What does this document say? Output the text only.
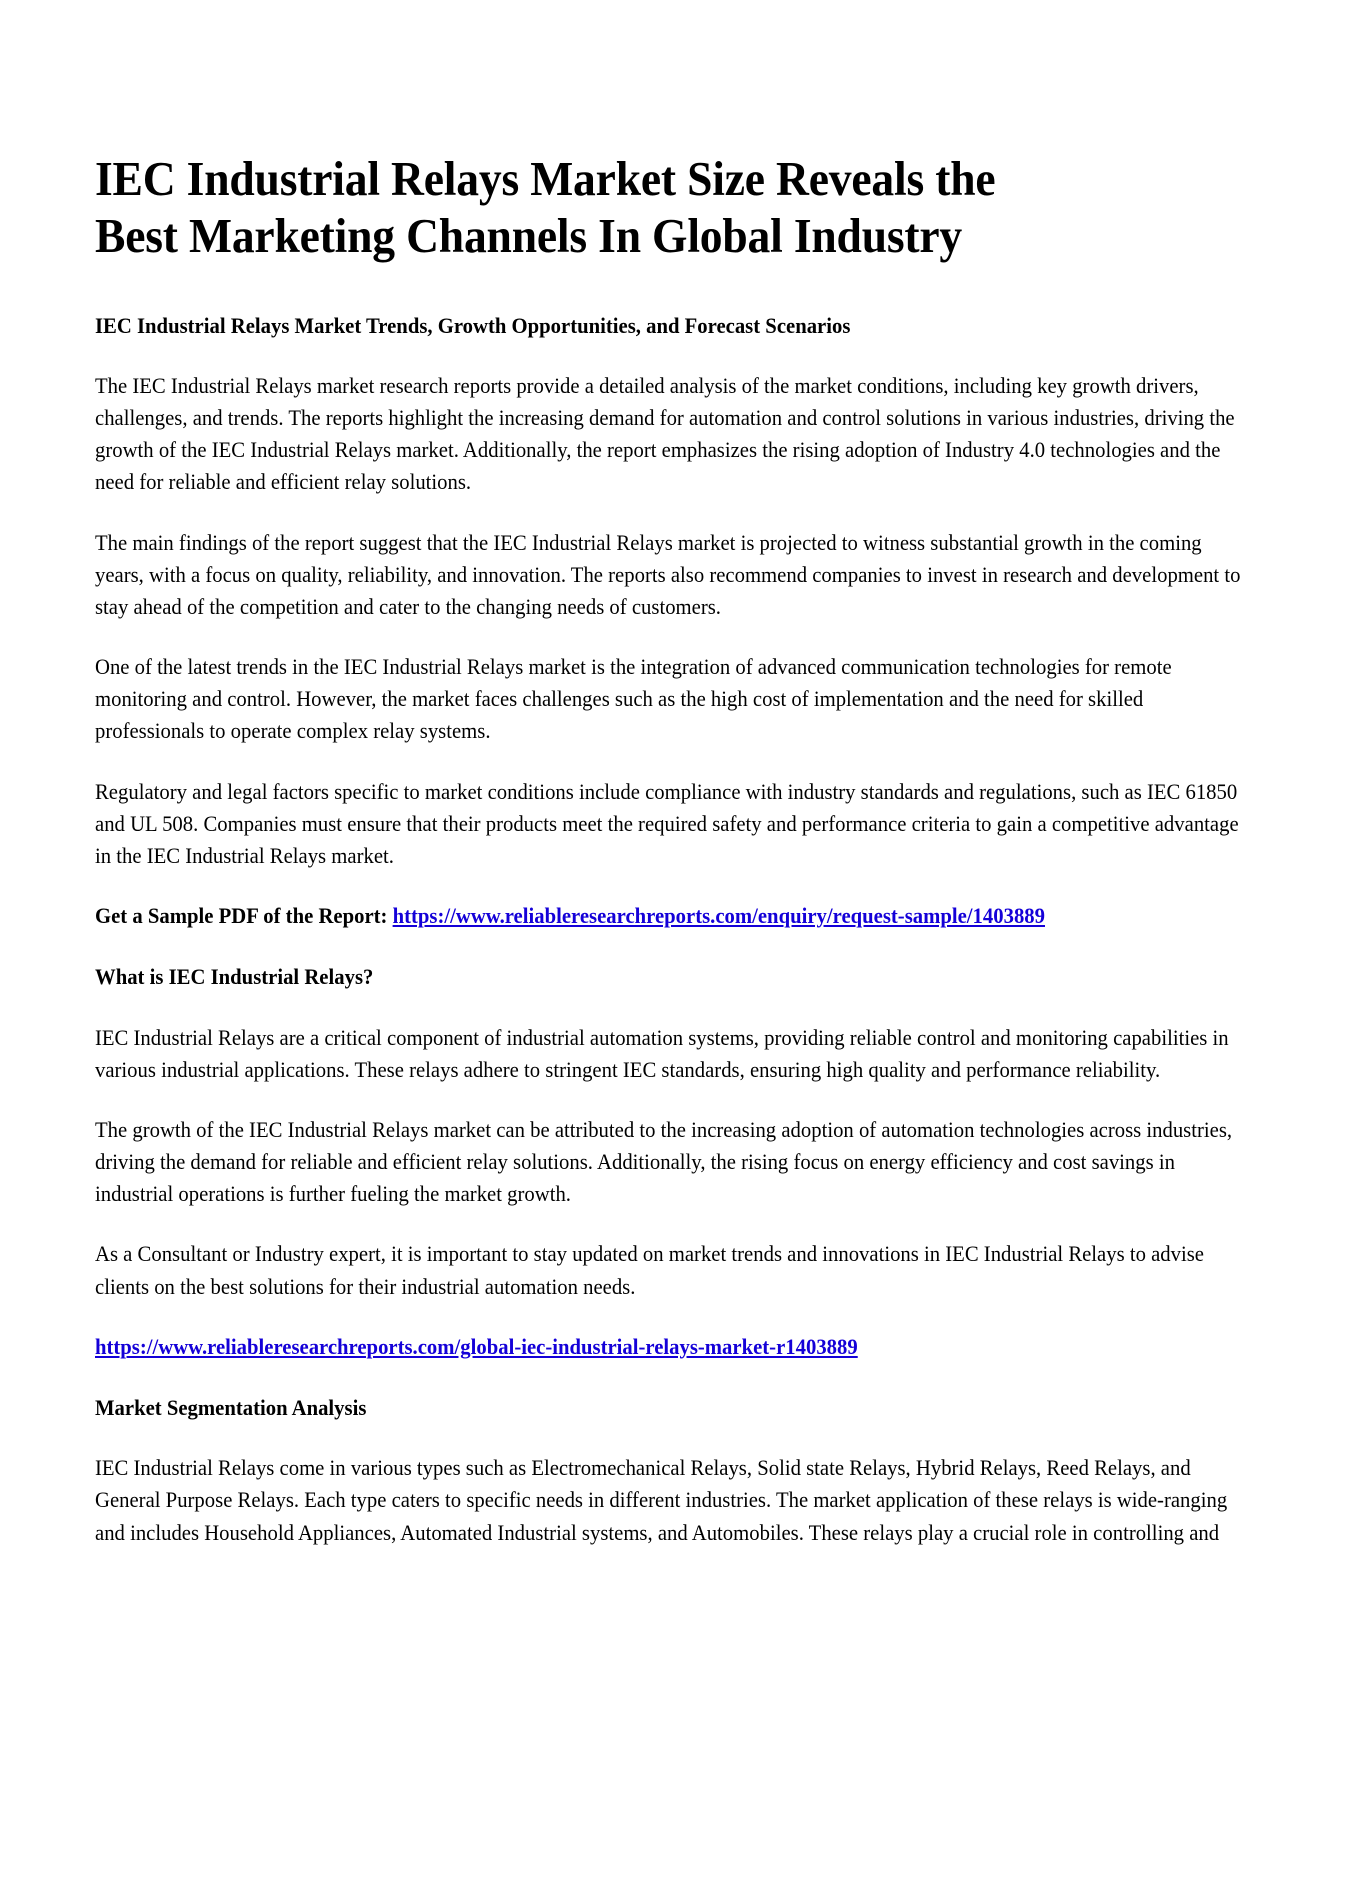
IEC Industrial Relays Market Size Reveals the
Best Marketing Channels In Global Industry
IEC Industrial Relays Market Trends, Growth Opportunities, and Forecast Scenarios

The IEC Industrial Relays market research reports provide a detailed analysis of the market conditions, including key growth drivers, challenges, and trends. The reports highlight the increasing demand for automation and control solutions in various industries, driving the growth of the IEC Industrial Relays market. Additionally, the report emphasizes the rising adoption of Industry 4.0 technologies and the need for reliable and efficient relay solutions.

The main findings of the report suggest that the IEC Industrial Relays market is projected to witness substantial growth in the coming years, with a focus on quality, reliability, and innovation. The reports also recommend companies to invest in research and development to stay ahead of the competition and cater to the changing needs of customers.

One of the latest trends in the IEC Industrial Relays market is the integration of advanced communication technologies for remote monitoring and control. However, the market faces challenges such as the high cost of implementation and the need for skilled professionals to operate complex relay systems.

Regulatory and legal factors specific to market conditions include compliance with industry standards and regulations, such as IEC 61850 and UL 508. Companies must ensure that their products meet the required safety and performance criteria to gain a competitive advantage in the IEC Industrial Relays market.

Get a Sample PDF of the Report: https://www.reliableresearchreports.com/enquiry/request-sample/1403889

What is IEC Industrial Relays?

IEC Industrial Relays are a critical component of industrial automation systems, providing reliable control and monitoring capabilities in various industrial applications. These relays adhere to stringent IEC standards, ensuring high quality and performance reliability.

The growth of the IEC Industrial Relays market can be attributed to the increasing adoption of automation technologies across industries, driving the demand for reliable and efficient relay solutions. Additionally, the rising focus on energy efficiency and cost savings in industrial operations is further fueling the market growth.

As a Consultant or Industry expert, it is important to stay updated on market trends and innovations in IEC Industrial Relays to advise clients on the best solutions for their industrial automation needs.

https://www.reliableresearchreports.com/global-iec-industrial-relays-market-r1403889

Market Segmentation Analysis

IEC Industrial Relays come in various types such as Electromechanical Relays, Solid state Relays, Hybrid Relays, Reed Relays, and General Purpose Relays. Each type caters to specific needs in different industries. The market application of these relays is wide-ranging and includes Household Appliances, Automated Industrial systems, and Automobiles. These relays play a crucial role in controlling and
